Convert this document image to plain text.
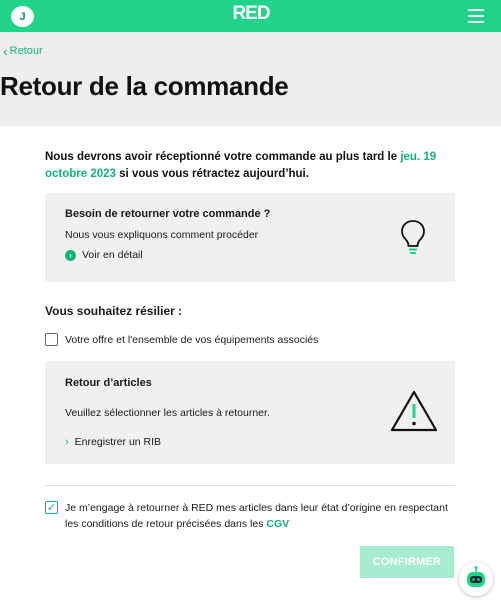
J	RED
‹ Retour
Retour de la commande

Nous devrons avoir réceptionné votre commande au plus tard le jeu. 19 octobre 2023 si vous vous rétractez aujourd’hui.

Besoin de retourner votre commande ?
Nous vous expliquons comment procéder
› Voir en détail
Vous souhaitez résilier :
Votre offre et l'ensemble de vos équipements associés
Retour d’articles
Veuillez sélectionner les articles à retourner.
› Enregistrer un RIB
✓ Je m’engage à retourner à RED mes articles dans leur état d’origine en respectant les conditions de retour précisées dans les CGV
CONFIRMER
